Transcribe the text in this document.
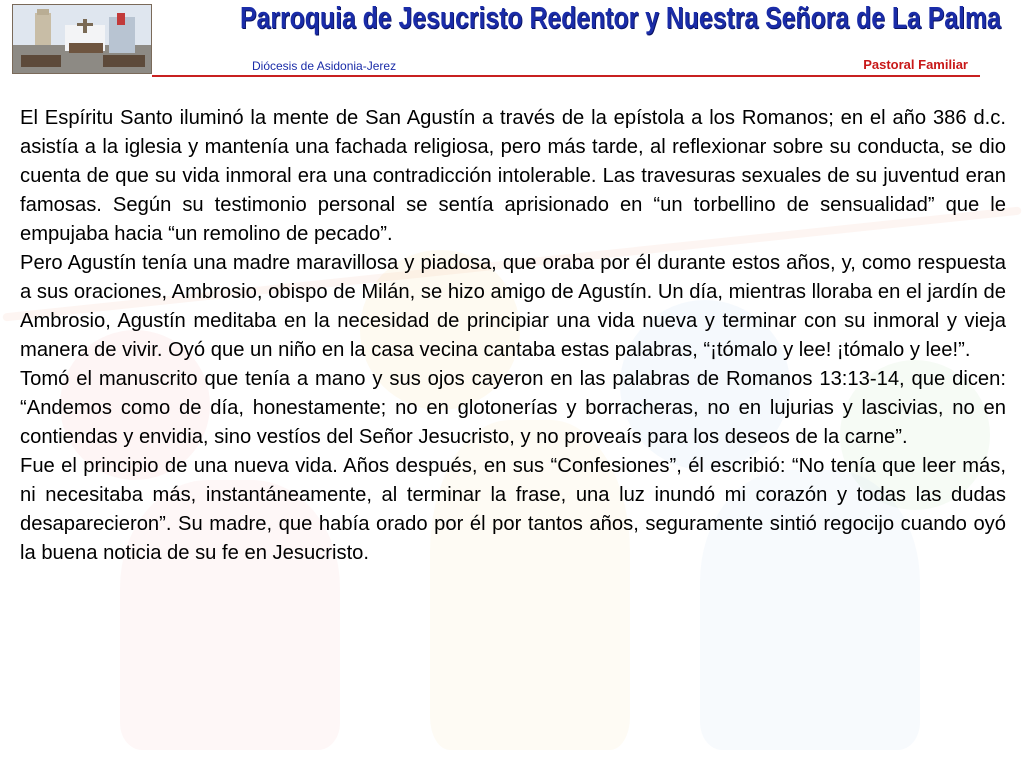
Parroquia de Jesucristo Redentor y Nuestra Señora de La Palma

Diócesis de Asidonia-Jerez	Pastoral Familiar

El Espíritu Santo iluminó la mente de San Agustín a través de la epístola a los Romanos; en el año 386 d.c. asistía a la iglesia y mantenía una fachada religiosa, pero más tarde, al reflexionar sobre su conducta, se dio cuenta de que su vida inmoral era una contradicción intolerable. Las travesuras sexuales de su juventud eran famosas. Según su testimonio personal se sentía aprisionado en “un torbellino de sensualidad” que le empujaba hacia “un remolino de pecado”.

Pero Agustín tenía una madre maravillosa y piadosa, que oraba por él durante estos años, y, como respuesta a sus oraciones, Ambrosio, obispo de Milán, se hizo amigo de Agustín. Un día, mientras lloraba en el jardín de Ambrosio, Agustín meditaba en la necesidad de principiar una vida nueva y terminar con su inmoral y vieja manera de vivir. Oyó que un niño en la casa vecina cantaba estas palabras, “¡tómalo y lee! ¡tómalo y lee!”.

Tomó el manuscrito que tenía a mano y sus ojos cayeron en las palabras de Romanos 13:13-14, que dicen: “Andemos como de día, honestamente; no en glotonerías y borracheras, no en lujurias y lascivias, no en contiendas y envidia, sino vestíos del Señor Jesucristo, y no proveaís para los deseos de la carne”.

Fue el principio de una nueva vida. Años después, en sus “Confesiones”, él escribió: “No tenía que leer más, ni necesitaba más, instantáneamente, al terminar la frase, una luz inundó mi corazón y todas las dudas desaparecieron”. Su madre, que había orado por él por tantos años, seguramente sintió regocijo cuando oyó la buena noticia de su fe en Jesucristo.
